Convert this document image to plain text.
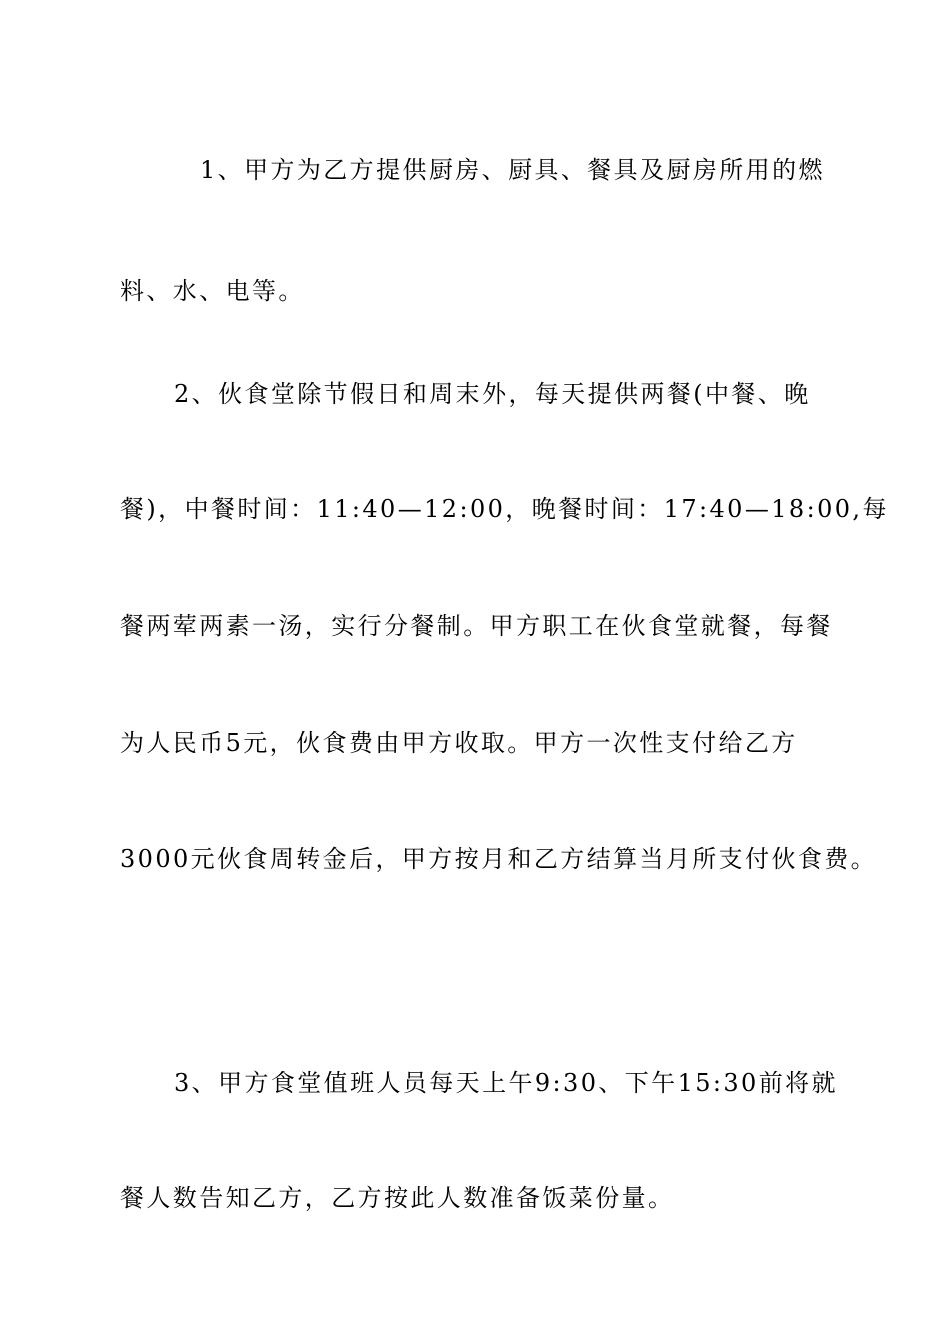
1、甲方为乙方提供厨房、厨具、餐具及厨房所用的燃
料、水、电等。
2、伙食堂除节假日和周末外，每天提供两餐(中餐、晚
餐)，中餐时间：11:40—12:00，晚餐时间：17:40—18:00,每
餐两荤两素一汤，实行分餐制。甲方职工在伙食堂就餐，每餐
为人民币5元，伙食费由甲方收取。甲方一次性支付给乙方
3000元伙食周转金后，甲方按月和乙方结算当月所支付伙食费。
3、甲方食堂值班人员每天上午9:30、下午15:30前将就
餐人数告知乙方，乙方按此人数准备饭菜份量。
